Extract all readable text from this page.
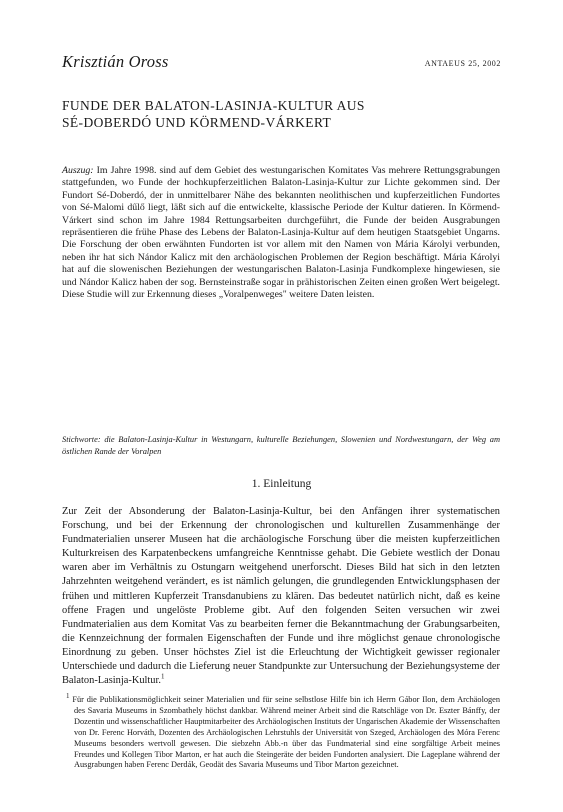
Krisztián Oross	ANTAEUS 25, 2002
FUNDE DER BALATON-LASINJA-KULTUR AUS
SÉ-DOBERDÓ UND KÖRMEND-VÁRKERT

Auszug: Im Jahre 1998. sind auf dem Gebiet des westungarischen Komitates Vas mehrere Rettungsgrabungen stattgefunden, wo Funde der hochkupferzeitlichen Balaton-Lasinja-Kultur zur Lichte gekommen sind. Der Fundort Sé-Doberdó, der in unmittelbarer Nähe des bekannten neolithischen und kupferzeitlichen Fundortes von Sé-Malomi dűlő liegt, läßt sich auf die entwickelte, klassische Periode der Kultur datieren. In Körmend-Várkert sind schon im Jahre 1984 Rettungsarbeiten durchgeführt, die Funde der beiden Ausgrabungen repräsentieren die frühe Phase des Lebens der Balaton-Lasinja-Kultur auf dem heutigen Staatsgebiet Ungarns. Die Forschung der oben erwähnten Fundorten ist vor allem mit den Namen von Mária Károlyi verbunden, neben ihr hat sich Nándor Kalicz mit den archäologischen Problemen der Region beschäftigt. Mária Károlyi hat auf die slowenischen Beziehungen der westungarischen Balaton-Lasinja Fundkomplexe hingewiesen, sie und Nándor Kalicz haben der sog. Bernsteinstraße sogar in prähistorischen Zeiten einen großen Wert beigelegt. Diese Studie will zur Erkennung dieses „Voralpenweges" weitere Daten leisten.

Stichworte: die Balaton-Lasinja-Kultur in Westungarn, kulturelle Beziehungen, Slowenien und Nordwestungarn, der Weg am östlichen Rande der Voralpen

1. Einleitung

Zur Zeit der Absonderung der Balaton-Lasinja-Kultur, bei den Anfängen ihrer systematischen Forschung, und bei der Erkennung der chronologischen und kulturellen Zusammenhänge der Fundmaterialien unserer Museen hat die archäologische Forschung über die meisten kupferzeitlichen Kulturkreisen des Karpatenbeckens umfangreiche Kenntnisse gehabt. Die Gebiete westlich der Donau waren aber im Verhältnis zu Ostungarn weitgehend unerforscht. Dieses Bild hat sich in den letzten Jahrzehnten weitgehend verändert, es ist nämlich gelungen, die grundlegenden Entwicklungsphasen der frühen und mittleren Kupferzeit Transdanubiens zu klären. Das bedeutet natürlich nicht, daß es keine offene Fragen und ungelöste Probleme gibt. Auf den folgenden Seiten versuchen wir zwei Fundmaterialien aus dem Komitat Vas zu bearbeiten ferner die Bekanntmachung der Grabungsarbeiten, die Kennzeichnung der formalen Eigenschaften der Funde und ihre möglichst genaue chronologische Einordnung zu geben. Unser höchstes Ziel ist die Erleuchtung der Wichtigkeit gewisser regionaler Unterschiede und dadurch die Lieferung neuer Standpunkte zur Untersuchung der Beziehungsysteme der Balaton-Lasinja-Kultur.$^1$

$^1$ Für die Publikationsmöglichkeit seiner Materialien und für seine selbstlose Hilfe bin ich Herrn Gábor Ilon, dem Archäologen des Savaria Museums in Szombathely höchst dankbar. Während meiner Arbeit sind die Ratschläge von Dr. Eszter Bánffy, der Dozentin und wissenschaftlicher Hauptmitarbeiter des Archäologischen Instituts der Ungarischen Akademie der Wissenschaften von Dr. Ferenc Horváth, Dozenten des Archäologischen Lehrstuhls der Universität von Szeged, Archäologen des Móra Ferenc Museums besonders wertvoll gewesen. Die siebzehn Abb.-n über das Fundmaterial sind eine sorgfältige Arbeit meines Freundes und Kollegen Tibor Marton, er hat auch die Steingeräte der beiden Fundorten analysiert. Die Lageplane während der Ausgrabungen haben Ferenc Derdák, Geodät des Savaria Museums und Tibor Marton gezeichnet.
